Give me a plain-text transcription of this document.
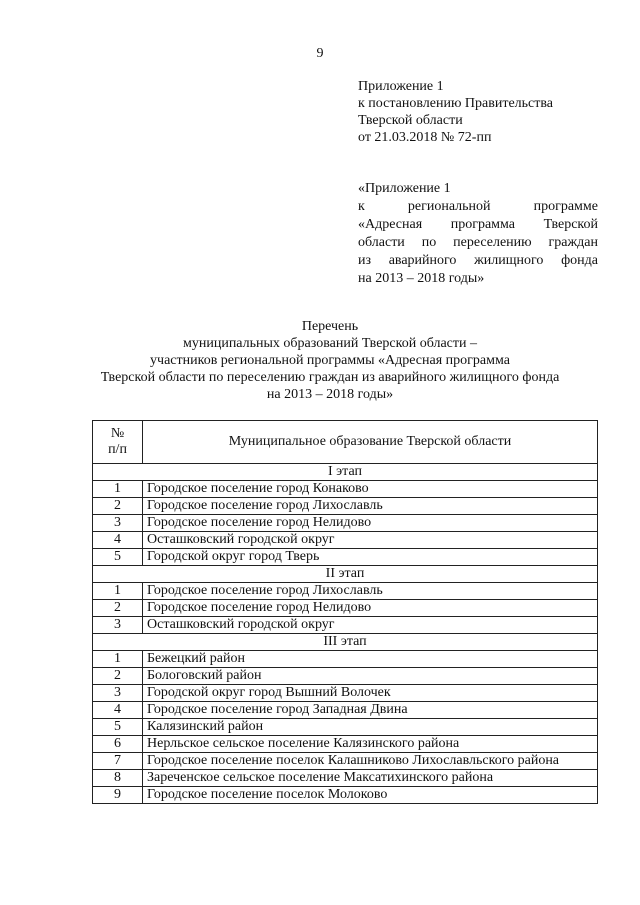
9
Приложение 1
к постановлению Правительства
Тверской области
от 21.03.2018 № 72-пп
«Приложение 1
к региональной программе
«Адресная программа Тверской
области по переселению граждан
из аварийного жилищного фонда
на 2013 – 2018 годы»
Перечень
муниципальных образований Тверской области –
участников региональной программы «Адресная программа
Тверской области по переселению граждан из аварийного жилищного фонда
на 2013 – 2018 годы»
№
п/п	Муниципальное образование Тверской области
I этап	
1	Городское поселение город Конаково
2	Городское поселение город Лихославль
3	Городское поселение город Нелидово
4	Осташковский городской округ
5	Городской округ город Тверь
II этап	
1	Городское поселение город Лихославль
2	Городское поселение город Нелидово
3	Осташковский городской округ
III этап	
1	Бежецкий район
2	Бологовский район
3	Городской округ город Вышний Волочек
4	Городское поселение город Западная Двина
5	Калязинский район
6	Нерльское сельское поселение Калязинского района
7	Городское поселение поселок Калашниково Лихославльского района
8	Зареченское сельское поселение Максатихинского района
9	Городское поселение поселок Молоково
